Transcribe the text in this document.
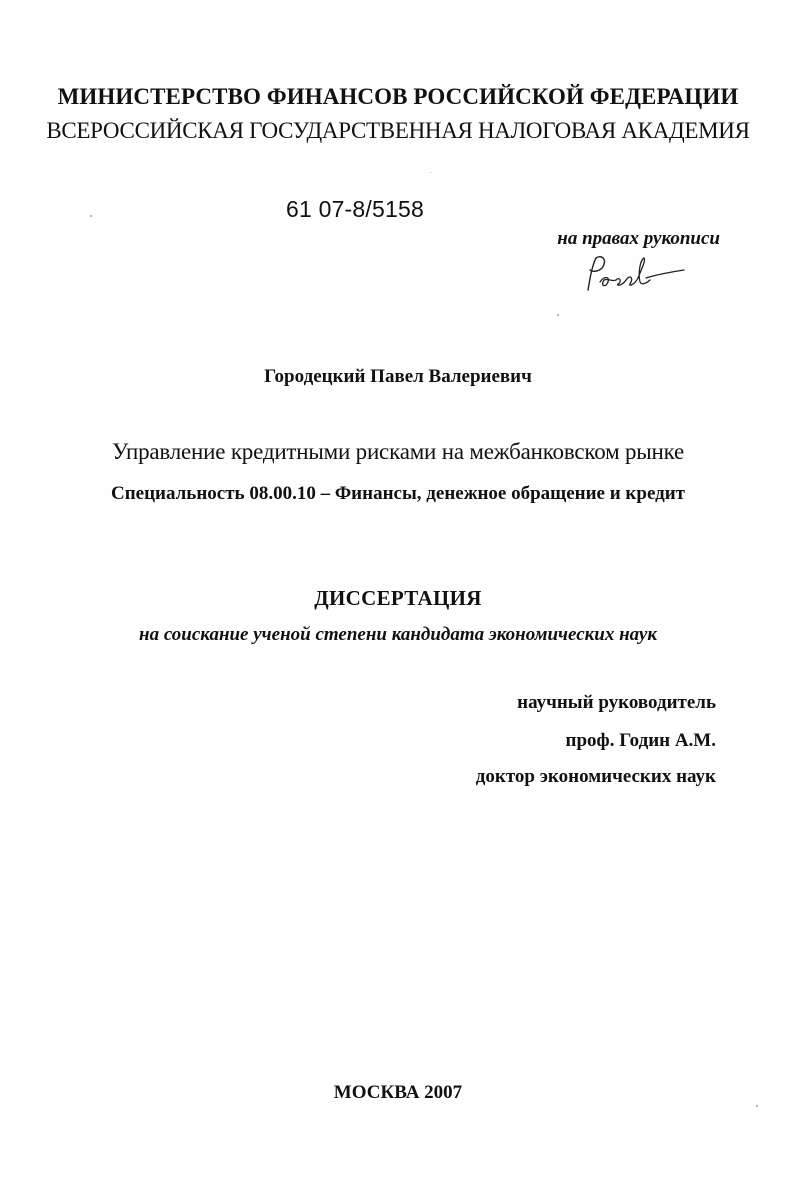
МИНИСТЕРСТВО ФИНАНСОВ РОССИЙСКОЙ ФЕДЕРАЦИИ
ВСЕРОССИЙСКАЯ ГОСУДАРСТВЕННАЯ НАЛОГОВАЯ АКАДЕМИЯ
61 07-8/5158
на правах рукописи
Городецкий Павел Валериевич
Управление кредитными рисками на межбанковском рынке
Специальность 08.00.10 – Финансы, денежное обращение и кредит
ДИССЕРТАЦИЯ
на соискание ученой степени кандидата экономических наук
научный руководитель
проф. Годин А.М.
доктор экономических наук
МОСКВА 2007
